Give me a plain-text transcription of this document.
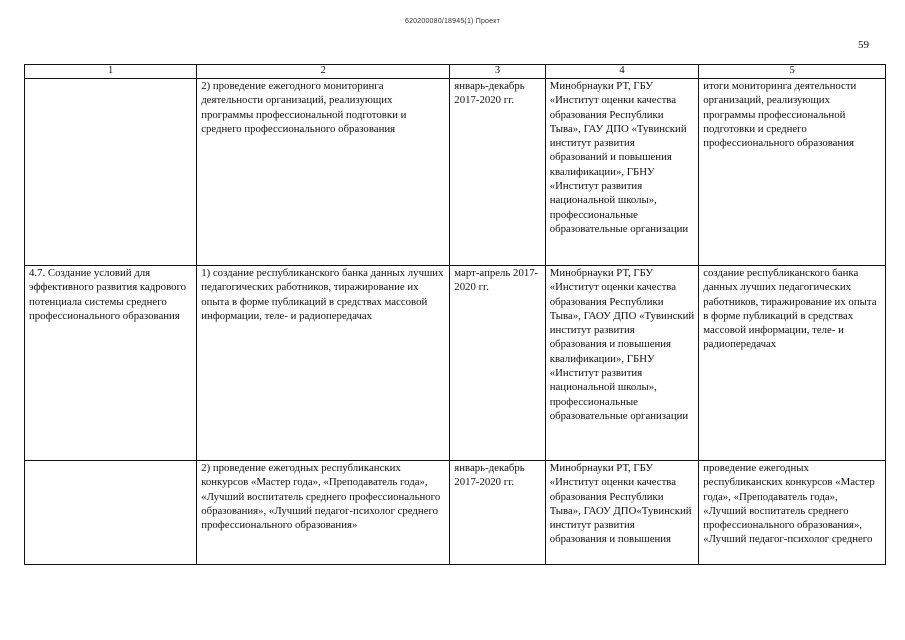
620200080/18945(1) Проект
59
1	2	3	4	5
	2) проведение ежегодного мониторинга деятельности организаций, реализующих программы профессиональной подготовки и среднего профессионального образования	январь-декабрь 2017-2020 гг.	Минобрнауки РТ, ГБУ «Институт оценки качества образования Республики Тыва», ГАУ ДПО «Тувинский институт развития образований и повышения квалификации», ГБНУ «Институт развития национальной школы», профессиональные образовательные организации	итоги мониторинга деятельности организаций, реализующих программы профессиональной подготовки и среднего профессионального образования
4.7. Создание условий для эффективного развития кадрового потенциала системы среднего профессионального образования	1) создание республиканского банка данных лучших педагогических работников, тиражирование их опыта в форме публикаций в средствах массовой информации, теле- и радиопередачах	март-апрель 2017-2020 гг.	Минобрнауки РТ, ГБУ «Институт оценки качества образования Республики Тыва», ГАОУ ДПО «Тувинский институт развития образования и повышения квалификации», ГБНУ «Институт развития национальной школы», профессиональные образовательные организации	создание республиканского банка данных лучших педагогических работников, тиражирование их опыта в форме публикаций в средствах массовой информации, теле- и радиопередачах

	2) проведение ежегодных республиканских конкурсов «Мастер года», «Преподаватель года», «Лучший воспитатель среднего профессионального образования», «Лучший педагог-психолог среднего профессионального образования»	январь-декабрь 2017-2020 гг.	Минобрнауки РТ, ГБУ «Институт оценки качества образования Республики Тыва», ГАОУ ДПО«Тувинский институт развития образования и повышения	проведение ежегодных республиканских конкурсов «Мастер года», «Преподаватель года», «Лучший воспитатель среднего профессионального образования», «Лучший педагог-психолог среднего
